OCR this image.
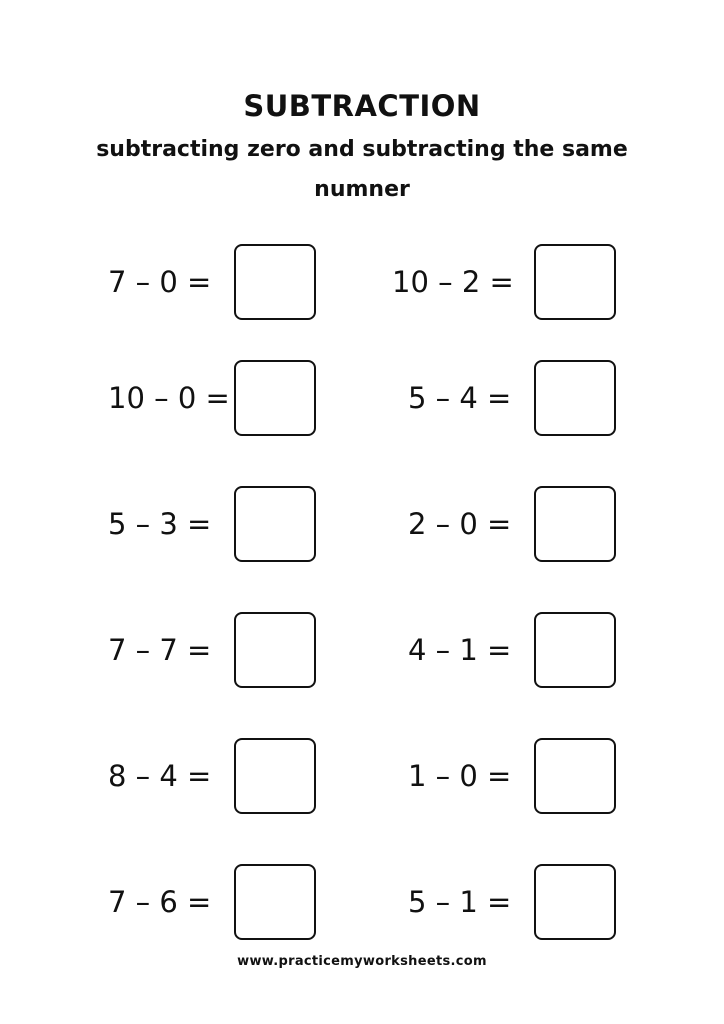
SUBTRACTION
subtracting zero and subtracting the same numner
7 – 0 =
10 – 0 =
5 – 3 =
7 – 7 =
8 – 4 =
7 – 6 =
10 – 2 =
5 – 4 =
2 – 0 =
4 – 1 =
1 – 0 =
5 – 1 =
www.practicemyworksheets.com
